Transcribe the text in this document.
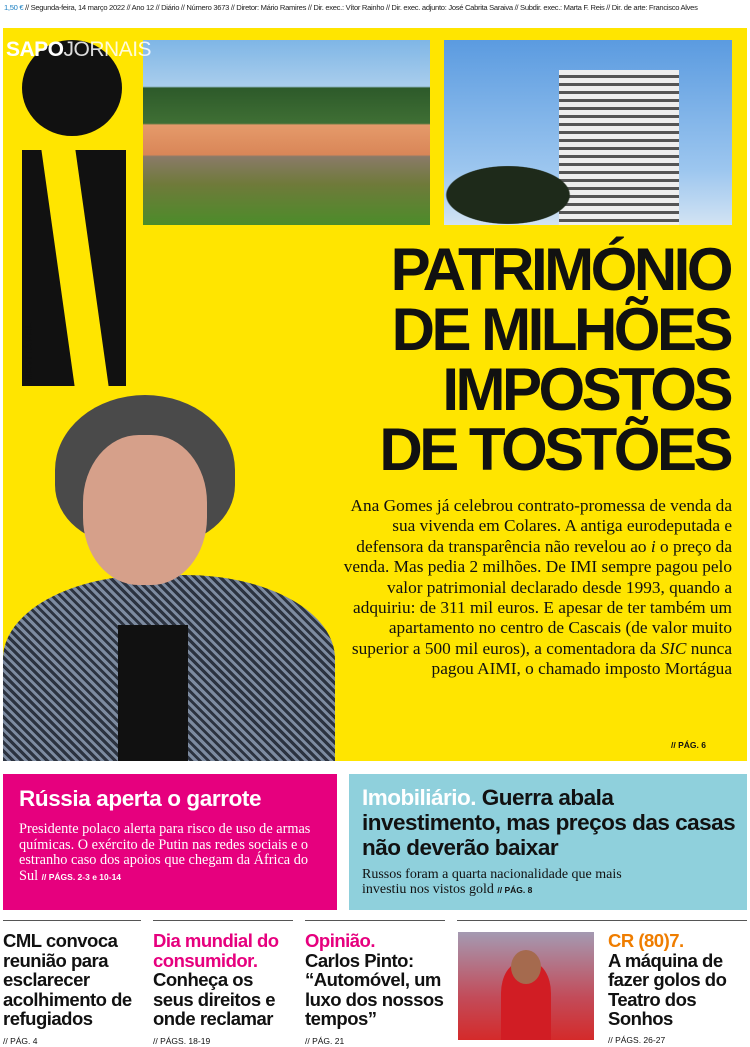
1,50 € // Segunda-feira, 14 março 2022 // Ano 12 // Diário // Número 3673 // Diretor: Mário Ramires // Dir. exec.: Vítor Rainho // Dir. exec. adjunto: José Cabrita Saraiva // Subdir. exec.: Marta F. Reis // Dir. de arte: Francisco Alves
SAPOJORNAIS
iNEVITÁVEL
PATRIMÓNIO
DE MILHÕES
IMPOSTOS
DE TOSTÕES
Ana Gomes já celebrou contrato-promessa de venda da sua vivenda em Colares. A antiga eurodeputada e defensora da transparência não revelou ao i o preço da venda. Mas pedia 2 milhões. De IMI sempre pagou pelo valor patrimonial declarado desde 1993, quando a adquiriu: de 311 mil euros. E apesar de ter também um apartamento no centro de Cascais (de valor muito superior a 500 mil euros), a comentadora da SIC nunca pagou AIMI, o chamado imposto Mortágua
// PÁG. 6
Rússia aperta o garrote

Presidente polaco alerta para risco de uso de armas químicas. O exército de Putin nas redes sociais e o estranho caso dos apoios que chegam da África do Sul // PÁGS. 2-3 e 10-14

Imobiliário. Guerra abala investimento, mas preços das casas não deverão baixar

Russos foram a quarta nacionalidade que mais investiu nos vistos gold // PÁG. 8

CML convoca reunião para esclarecer acolhimento de refugiados
// PÁG. 4
Dia mundial do consumidor.
Conheça os seus direitos e onde reclamar
// PÁGS. 18-19
Opinião.
Carlos Pinto: “Automóvel, um luxo dos nossos tempos”
// PÁG. 21
CR (80)7.
A máquina de fazer golos do Teatro dos Sonhos
// PÁGS. 26-27
